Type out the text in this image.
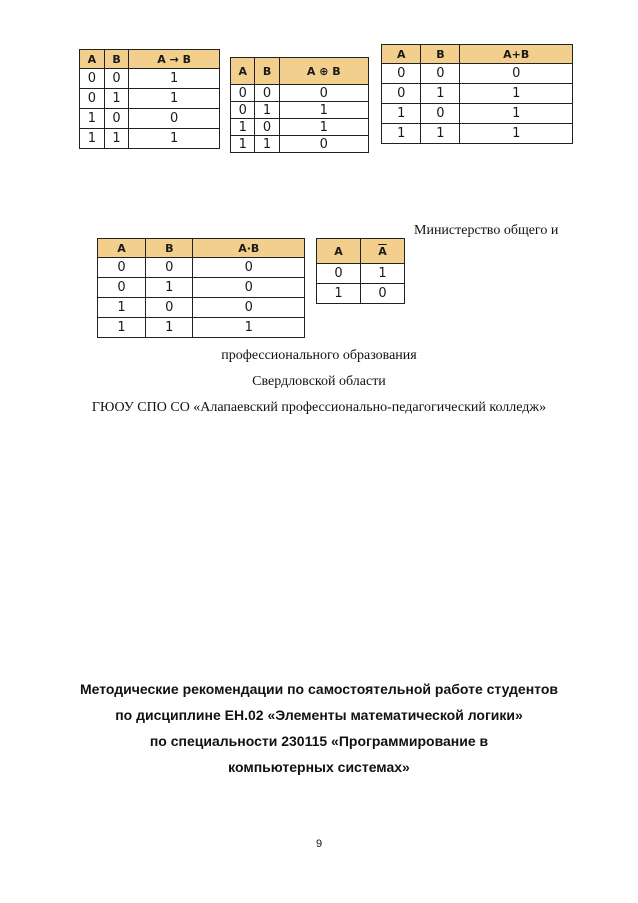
A	B	A → B
0	0	1
0	1	1
1	0	0
1	1	1
A	B	A ⊕ B
0	0	0
0	1	1
1	0	1
1	1	0
A	B	A+B
0	0	0
0	1	1
1	0	1
1	1	1
Министерство общего и
A	B	A·B
0	0	0
0	1	0
1	0	0
1	1	1
A	$\overline{A}$
0	1
1	0
профессионального образования
Свердловской области
ГЮОУ СПО СО «Алапаевский профессионально-педагогический колледж»
Методические рекомендации по самостоятельной работе студентов
по дисциплине ЕН.02 «Элементы математической логики»
по специальности 230115 «Программирование в
компьютерных системах»
9
